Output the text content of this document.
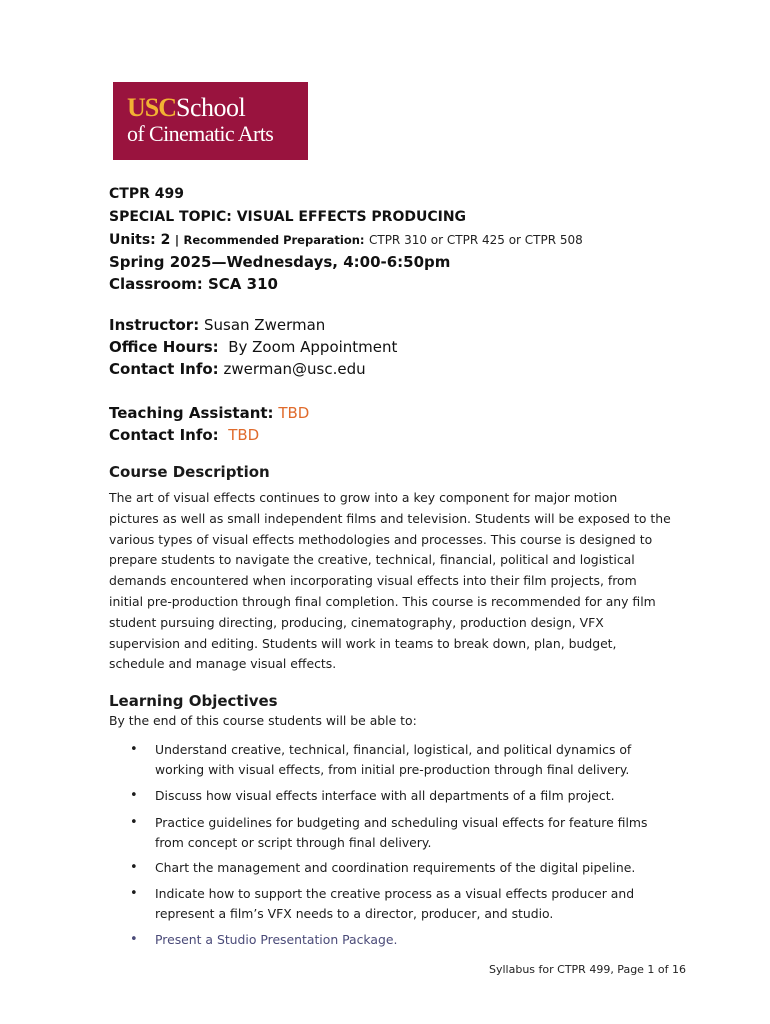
USCSchool
of Cinematic Arts
CTPR 499
SPECIAL TOPIC: VISUAL EFFECTS PRODUCING
Units: 2 | Recommended Preparation: CTPR 310 or CTPR 425 or CTPR 508
Spring 2025—Wednesdays, 4:00-6:50pm
Classroom: SCA 310
Instructor: Susan Zwerman
Office Hours: By Zoom Appointment
Contact Info: zwerman@usc.edu
Teaching Assistant: TBD
Contact Info: TBD
Course Description
The art of visual effects continues to grow into a key component for major motion
pictures as well as small independent films and television. Students will be exposed to the
various types of visual effects methodologies and processes. This course is designed to
prepare students to navigate the creative, technical, financial, political and logistical
demands encountered when incorporating visual effects into their film projects, from
initial pre-production through final completion. This course is recommended for any film
student pursuing directing, producing, cinematography, production design, VFX
supervision and editing. Students will work in teams to break down, plan, budget,
schedule and manage visual effects.
Learning Objectives
By the end of this course students will be able to:
• Understand creative, technical, financial, logistical, and political dynamics of
working with visual effects, from initial pre-production through final delivery.
• Discuss how visual effects interface with all departments of a film project.
• Practice guidelines for budgeting and scheduling visual effects for feature films
from concept or script through final delivery.
• Chart the management and coordination requirements of the digital pipeline.
• Indicate how to support the creative process as a visual effects producer and
represent a film’s VFX needs to a director, producer, and studio.
• Present a Studio Presentation Package.
Syllabus for CTPR 499, Page 1 of 16
